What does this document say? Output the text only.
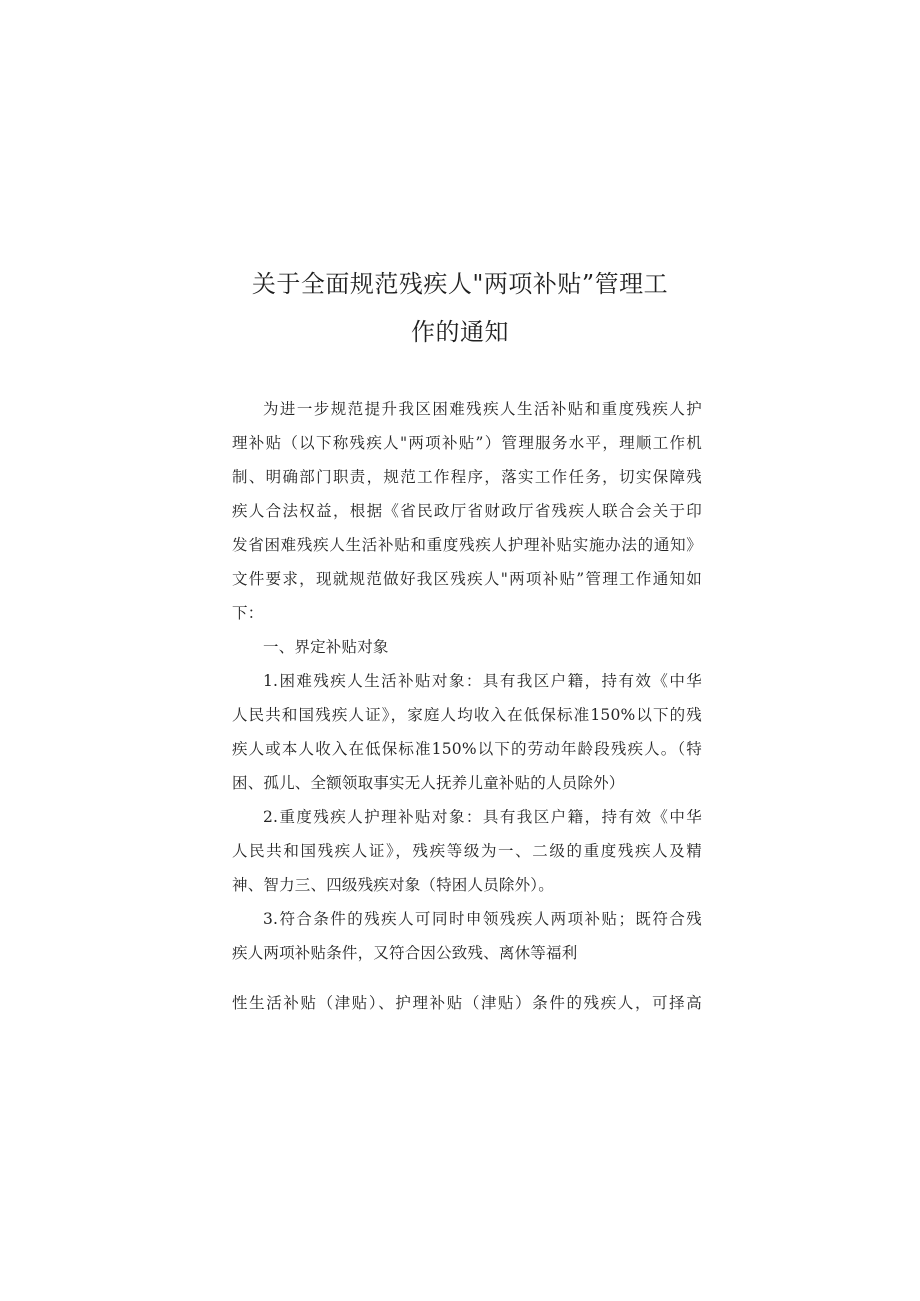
关于全面规范残疾人"两项补贴”管理工
作的通知
为进一步规范提升我区困难残疾人生活补贴和重度残疾人护
理补贴（以下称残疾人"两项补贴”）管理服务水平，理顺工作机
制、明确部门职责，规范工作程序，落实工作任务，切实保障残
疾人合法权益，根据《省民政厅省财政厅省残疾人联合会关于印
发省困难残疾人生活补贴和重度残疾人护理补贴实施办法的通知》
文件要求，现就规范做好我区残疾人"两项补贴”管理工作通知如
下：
一、界定补贴对象
1.困难残疾人生活补贴对象：具有我区户籍，持有效《中华
人民共和国残疾人证》，家庭人均收入在低保标准150%以下的残
疾人或本人收入在低保标准150%以下的劳动年龄段残疾人。（特
困、孤儿、全额领取事实无人抚养儿童补贴的人员除外）
2.重度残疾人护理补贴对象：具有我区户籍，持有效《中华
人民共和国残疾人证》，残疾等级为一、二级的重度残疾人及精
神、智力三、四级残疾对象（特困人员除外）。
3.符合条件的残疾人可同时申领残疾人两项补贴；既符合残
疾人两项补贴条件，又符合因公致残、离休等福利
性生活补贴（津贴）、护理补贴（津贴）条件的残疾人，可择高
